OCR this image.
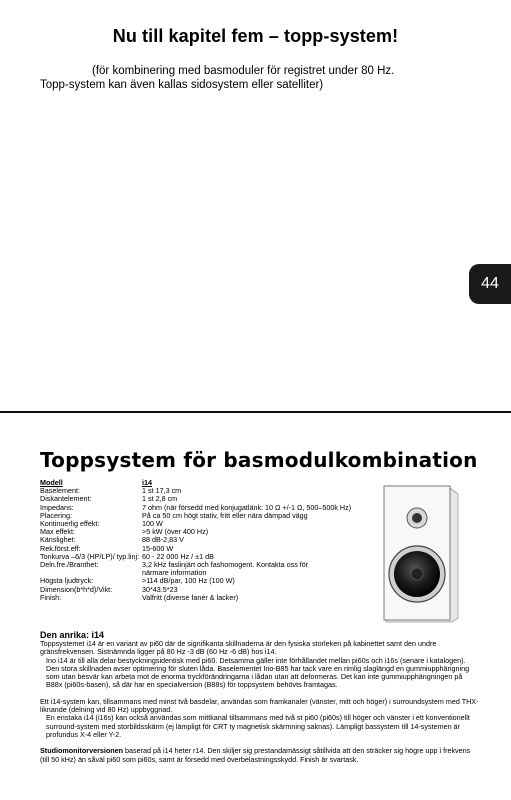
Nu till kapitel fem – topp-system!
(för kombinering med basmoduler för registret under 80 Hz.
Topp-system kan även kallas sidosystem eller satelliter)
44
Toppsystem för basmodulkombination
Modell	i14
Baselement:	1 st 17,3 cm
Diskantelement:	1 st 2,8 cm
Impedans:	7 ohm (när försedd med konjugatlänk: 10 Ω +/-1 Ω, 500–500k Hz)
Placering:	På ca 50 cm högt stativ, fritt eller nära dämpad vägg
Kontinuerlig effekt:	100 W
Max effekt:	>5 kW (över 400 Hz)
Känslighet:	88 dB-2,83 V
Rek.först.eff:	15-600 W
Tonkurva –6/3 (HP/LP)/ typ.linj:	60 - 22 000 Hz / ±1 dB
Deln.fre./Branthet:	3,2 kHz faslinjärt och fashomogent. Kontakta oss för
	närmare information
Högsta ljudtryck:	>114 dB/par, 100 Hz (100 W)
Dimension(b*h*d)/Vikt:	30*43.5*23
Finish:	Valfritt (diverse fanér & lacker)
Den anrika: i14

Toppsystemet i14 är en variant av pi60 där de signifikanta skillnaderna är den fysiska storleken på kabinettet samt den undre gränsfrekvensen. Sistnämnda ligger på 80 Hz -3 dB (60 Hz -6 dB) hos i14.

Ino i14 är till alla delar bestyckningsidentisk med pi60. Detsamma gäller inte förhållandet mellan pi60s och i16s (senare i katalogen). Den stora skillnaden avser optimering för sluten låda. Baselementet Ino-B85 har tack vare en rimlig slaglängd en gummiupphängning som utan besvär kan arbeta mot de enorma tryckförändringarna i lådan utan att deformeras. Det kan inte gummiupphängningen på B88x (pi60s-basen), så där har en specialversion (B88s) för toppsystem behövts framtagas.

Ett i14-system kan, tillsammans med minst två basdelar, användas som framkanaler (vänster, mitt och höger) i surroundsystem med THX-liknande (delning vid 80 Hz) uppbyggnad.

En enstaka i14 (i16s) kan också användas som mittkanal tillsammans med två st pi60 (pi60s) till höger och vänster i ett konventionellt surround-system med storbildsskärm (ej lämpligt för CRT ty magnetisk skärmning saknas). Lämpligt bassystem till 14-systemen är profundus X-4 eller Y-2.

Studiomonitorversionen baserad på i14 heter r14. Den skiljer sig prestandamässigt såtillvida att den sträcker sig högre upp i frekvens (till 50 kHz) än såväl pi60 som pi60s, samt är försedd med överbelastningsskydd. Finish är svartask.
